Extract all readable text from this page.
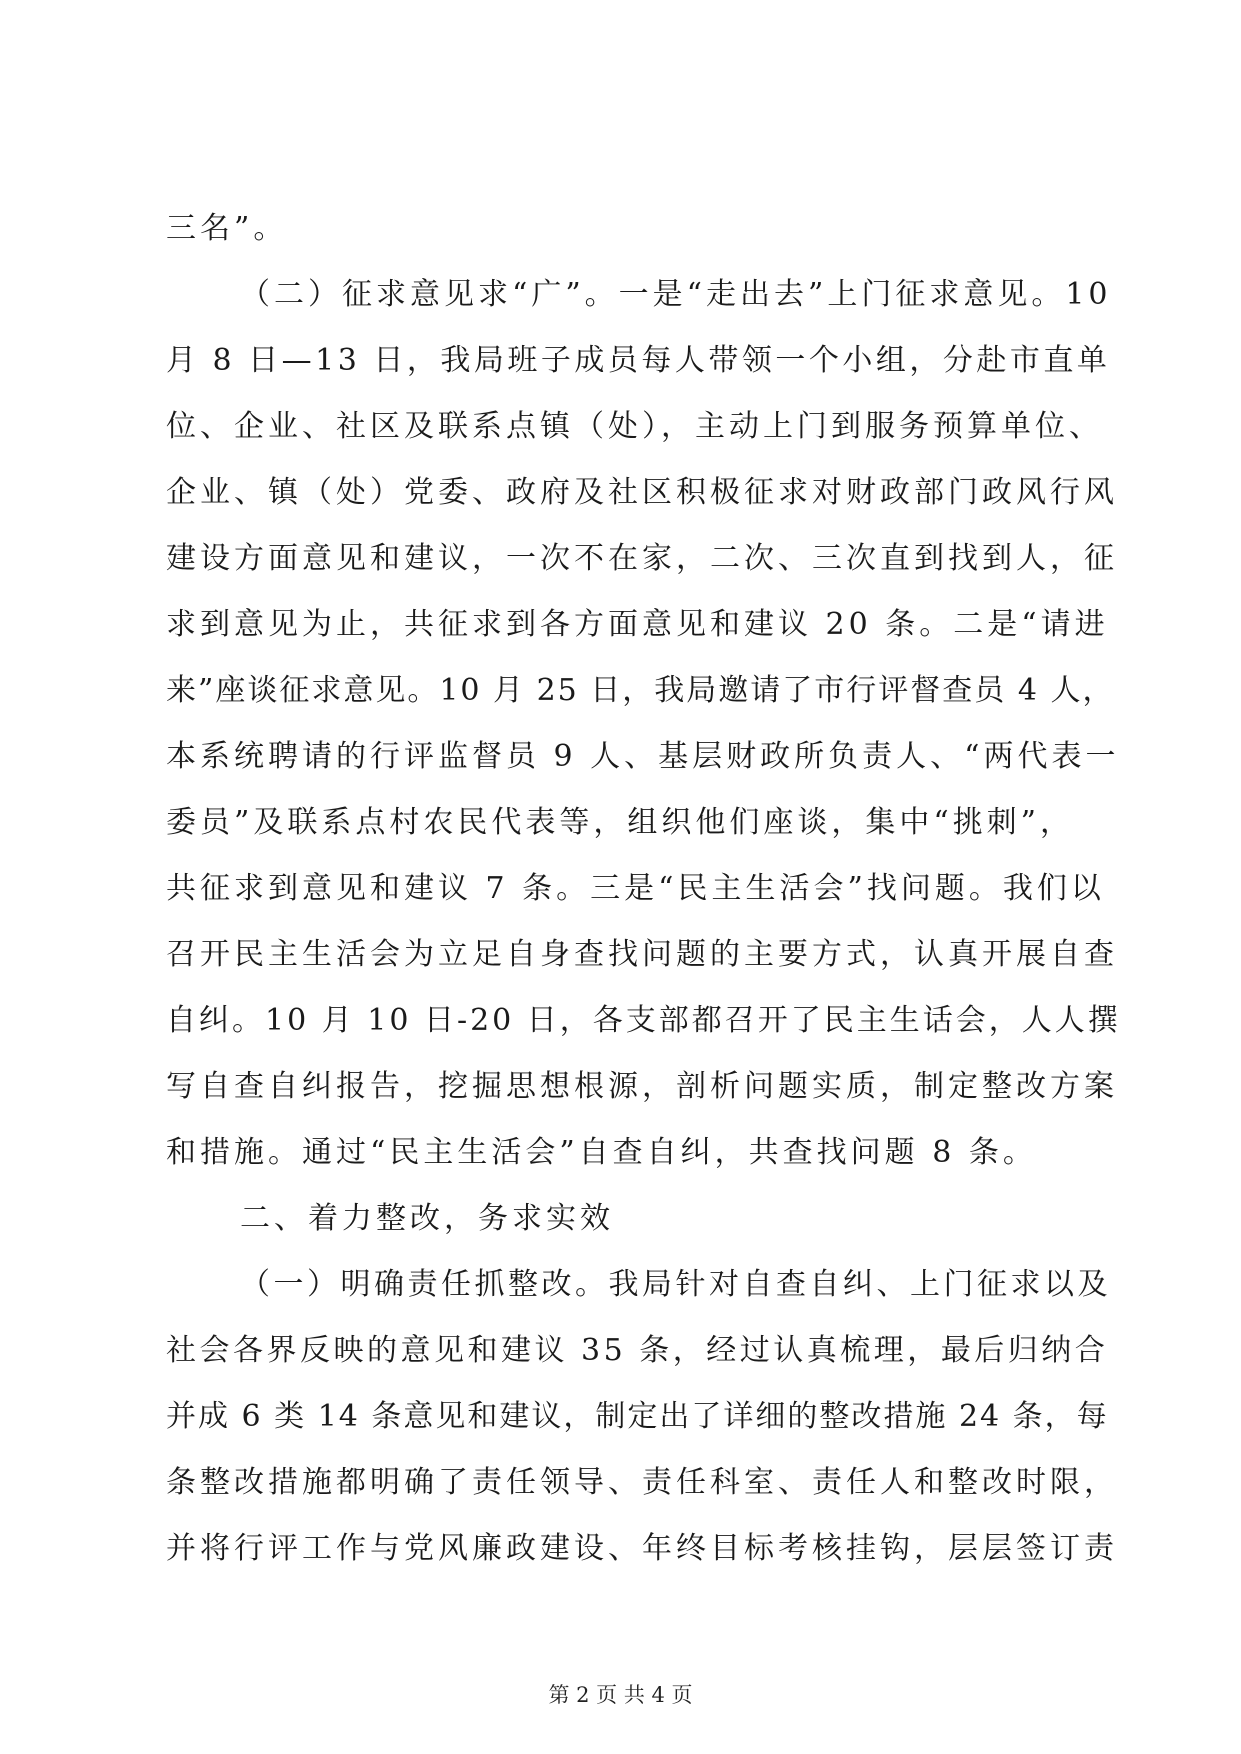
三名”。
（二）征求意见求“广”。一是“走出去”上门征求意见。10
月 8 日—13 日，我局班子成员每人带领一个小组，分赴市直单
位、企业、社区及联系点镇（处），主动上门到服务预算单位、
企业、镇（处）党委、政府及社区积极征求对财政部门政风行风
建设方面意见和建议，一次不在家，二次、三次直到找到人，征
求到意见为止，共征求到各方面意见和建议 20 条。二是“请进
来”座谈征求意见。10 月 25 日，我局邀请了市行评督查员 4 人，
本系统聘请的行评监督员 9 人、基层财政所负责人、“两代表一
委员”及联系点村农民代表等，组织他们座谈，集中“挑刺”，
共征求到意见和建议 7 条。三是“民主生活会”找问题。我们以
召开民主生活会为立足自身查找问题的主要方式，认真开展自查
自纠。10 月 10 日-20 日，各支部都召开了民主生话会，人人撰
写自查自纠报告，挖掘思想根源，剖析问题实质，制定整改方案
和措施。通过“民主生活会”自查自纠，共查找问题 8 条。
二、着力整改，务求实效
（一）明确责任抓整改。我局针对自查自纠、上门征求以及
社会各界反映的意见和建议 35 条，经过认真梳理，最后归纳合
并成 6 类 14 条意见和建议，制定出了详细的整改措施 24 条，每
条整改措施都明确了责任领导、责任科室、责任人和整改时限，
并将行评工作与党风廉政建设、年终目标考核挂钩，层层签订责
第 2 页 共 4 页
